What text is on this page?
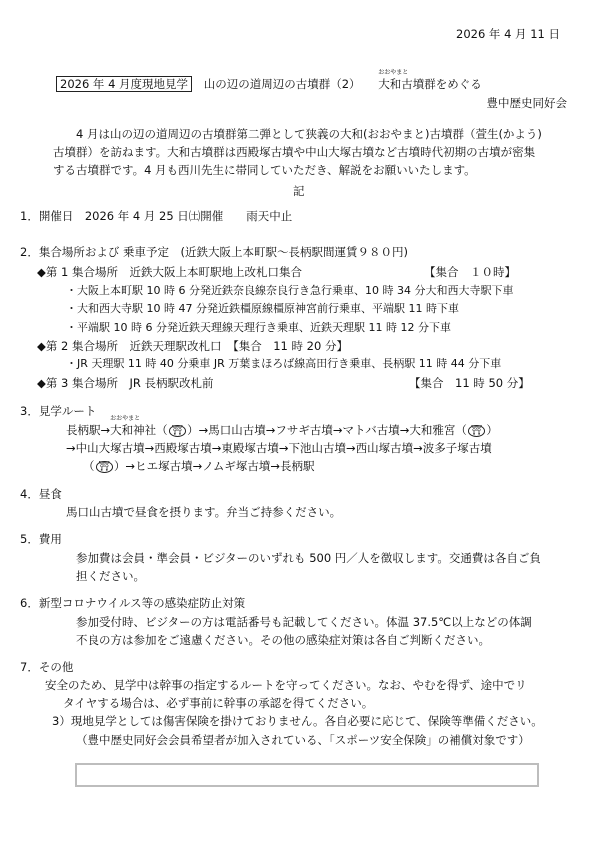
2026 年 4 月 11 日
2026 年 4 月度現地見学 山の辺の道周辺の古墳群（2）
おおやまと
大和古墳群をめぐる
豊中歴史同好会
4 月は山の辺の道周辺の古墳群第二弾として狭義の大和(おおやまと)古墳群（萱生(かよう)
古墳群）を訪ねます。大和古墳群は西殿塚古墳や中山大塚古墳など古墳時代初期の古墳が密集
する古墳群です。4 月も西川先生に帯同していただき、解説をお願いいたします。
記
1．開催日　2026 年 4 月 25 日㈯開催　　雨天中止
2．集合場所および 乗車予定　(近鉄大阪上本町駅～長柄駅間運賃９８０円)
◆第 1 集合場所　近鉄大阪上本町駅地上改札口集合	【集合　１０時】
・大阪上本町駅 10 時 6 分発近鉄奈良線奈良行き急行乗車、10 時 34 分大和西大寺駅下車
・大和西大寺駅 10 時 47 分発近鉄橿原線橿原神宮前行乗車、平端駅 11 時下車
・平端駅 10 時 6 分発近鉄天理線天理行き乗車、近鉄天理駅 11 時 12 分下車
◆第 2 集合場所　近鉄天理駅改札口　【集合　11 時 20 分】
・JR 天理駅 11 時 40 分乗車 JR 万葉まほろば線高田行き乗車、長柄駅 11 時 44 分下車
◆第 3 集合場所　JR 長柄駅改札前	【集合　11 時 50 分】
3．見学ルート
長柄駅→
おおやまと
大和神社（ ⛩ ）→馬口山古墳→フサギ古墳→マトバ古墳→大和雅宮（ ⛩ ）
→中山大塚古墳→西殿塚古墳→東殿塚古墳→下池山古墳→西山塚古墳→波多子塚古墳
（ ⛩ ）→ヒエ塚古墳→ノムギ塚古墳→長柄駅
4．昼食
馬口山古墳で昼食を摂ります。弁当ご持参ください。
5．費用
参加費は会員・準会員・ビジターのいずれも 500 円／人を徴収します。交通費は各自ご負
担ください。
6．新型コロナウイルス等の感染症防止対策
参加受付時、ビジターの方は電話番号も記載してください。体温 37.5℃以上などの体調
不良の方は参加をご遠慮ください。その他の感染症対策は各自ご判断ください。
7．その他
安全のため、見学中は幹事の指定するルートを守ってください。なお、やむを得ず、途中でリ
タイヤする場合は、必ず事前に幹事の承認を得てください。
3）現地見学としては傷害保険を掛けておりません。各自必要に応じて、保険等準備ください。
（豊中歴史同好会会員希望者が加入されている、「スポーツ安全保険」の補償対象です）
